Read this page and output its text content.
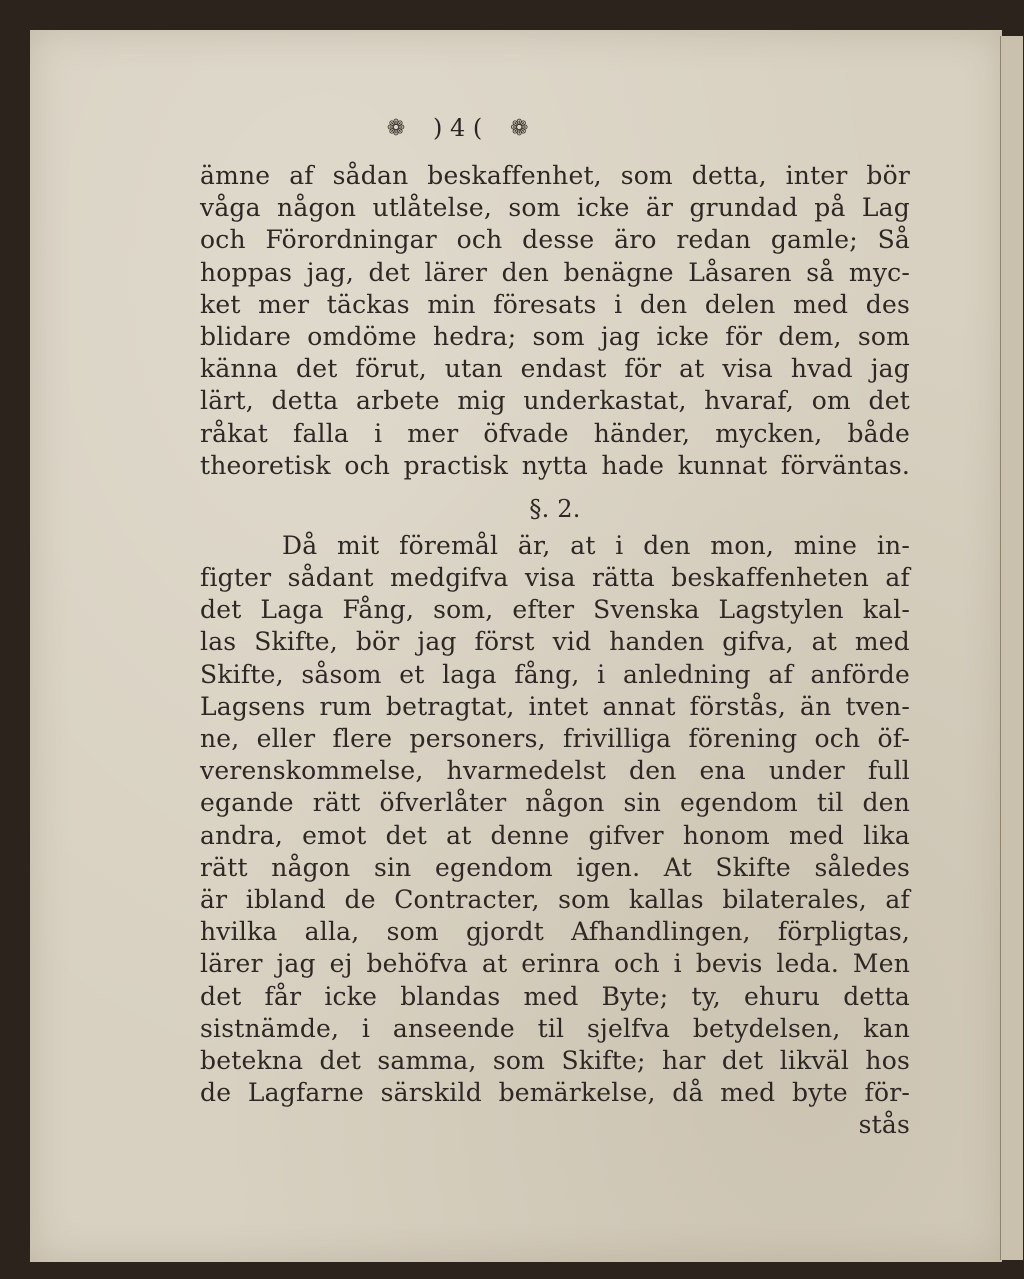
❁ ) 4 ( ❁
ämne af sådan beskaffenhet, som detta, inter bör
våga någon utlåtelse, som icke är grundad på Lag
och Förordningar och desse äro redan gamle; Så
hoppas jag, det lärer den benägne Låsaren så myc-
ket mer täckas min föresats i den delen med des
blidare omdöme hedra; som jag icke för dem, som
känna det förut, utan endast för at visa hvad jag
lärt, detta arbete mig underkastat, hvaraf, om det
råkat falla i mer öfvade händer, mycken, både
theoretisk och practisk nytta hade kunnat förväntas.
§. 2.
Då mit föremål är, at i den mon, mine in-
figter sådant medgifva visa rätta beskaffenheten af
det Laga Fång, som, efter Svenska Lagstylen kal-
las Skifte, bör jag först vid handen gifva, at med
Skifte, såsom et laga fång, i anledning af anförde
Lagsens rum betragtat, intet annat förstås, än tven-
ne, eller flere personers, frivilliga förening och öf-
verenskommelse, hvarmedelst den ena under full
egande rätt öfverlåter någon sin egendom til den
andra, emot det at denne gifver honom med lika
rätt någon sin egendom igen. At Skifte således
är ibland de Contracter, som kallas bilaterales, af
hvilka alla, som gjordt Afhandlingen, förpligtas,
lärer jag ej behöfva at erinra och i bevis leda. Men
det får icke blandas med Byte; ty, ehuru detta
sistnämde, i anseende til sjelfva betydelsen, kan
betekna det samma, som Skifte; har det likväl hos
de Lagfarne särskild bemärkelse, då med byte för-
stås
